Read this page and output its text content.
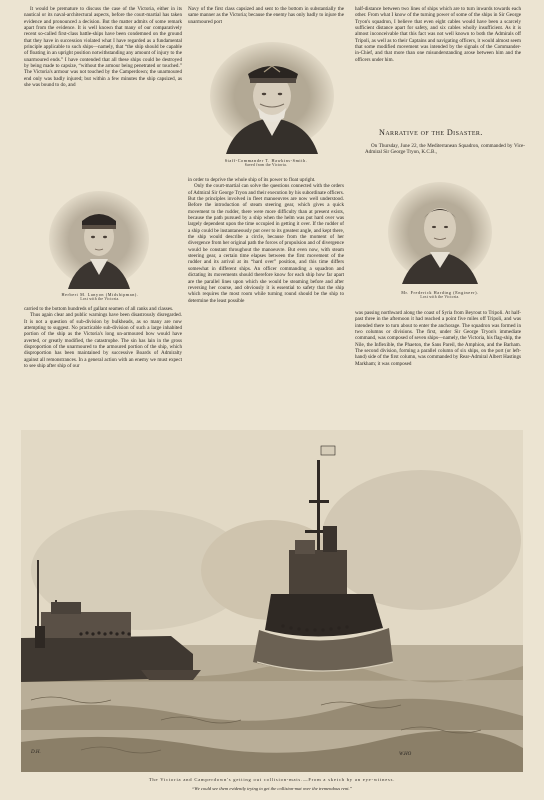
It would be premature to discuss the case of the Victoria, either in its nautical or its naval-architectural aspects, before the court-martial has taken evidence and pronounced a decision. But the matter admits of some remark apart from the evidence. It is well known that many of our comparatively recent so-called first-class battle-ships have been condemned on the ground that they have in succession violated what I have regarded as a fundamental principle applicable to such ships—namely, that “the ship should be capable of floating in an upright position notwithstanding any amount of injury to the unarmoured ends.” I have contended that all these ships could be destroyed by being made to capsize, “without the armour being penetrated or touched.” The Victoria's armour was not touched by the Camperdown; the unarmoured end only was badly injured; but within a few minutes the ship capsized, as she was bound to do, and

Herbert M. Lanyon (Midshipman).
Lost with the Victoria.

carried to the bottom hundreds of gallant seamen of all ranks and classes.

Thus again clear and public warnings have been disastrously disregarded. It is not a question of sub-division by bulkheads, as so many are now attempting to suggest. No practicable sub-division of such a large inhabited portion of the ship as the Victoria's long un-armoured bow would have averted, or greatly modified, the catastrophe. The sin has lain in the gross disproportion of the unarmoured to the armoured portion of the ship, which disproportion has been maintained by successive Boards of Admiralty against all remonstrances. In a general action with an enemy we must expect to see ship after ship of our

Navy of the first class capsized and sent to the bottom in substantially the same manner as the Victoria; because the enemy has only badly to injure the unarmoured port

Staff-Commander T. Hawkins-Smith.
Saved from the Victoria.

in order to deprive the whole ship of its power to float upright.

Only the court-martial can solve the questions connected with the orders of Admiral Sir George Tryon and their execution by his subordinate officers. But the principles involved in fleet manoeuvres are now well understood. Before the introduction of steam steering gear, which gives a quick movement to the rudder, there were more difficulty than at present exists, because the path pursued by a ship when the helm was put hard over was largely dependent upon the time occupied in getting it over. If the rudder of a ship could be instantaneously put over to its greatest angle, and kept there, the ship would describe a circle, because from the moment of her divergence from her original path the forces of propulsion and of divergence would be constant throughout the manoeuvre. But even now, with steam steering gear, a certain time elapses between the first movement of the rudder and its arrival at its “hard over” position, and this time differs somewhat in different ships. An officer commanding a squadron and dictating its movements should therefore know for each ship how far apart are the parallel lines upon which she would be steaming before and after reversing her course, and obviously it is essential to safety that the ship which requires the most room while turning round should be the ship to determine the least possible

half-distance between two lines of ships which are to turn inwards towards each other. From what I know of the turning power of some of the ships in Sir George Tryon's squadron, I believe that even eight cables would have been a scarcely sufficient distance apart for safety, and six cables wholly insufficient. As it is almost inconceivable that this fact was not well known to both the Admirals off Tripoli, as well as to their Captains and navigating officers, it would almost seem that some modified movement was intended by the signals of the Commander-in-Chief, and that more than one misunderstanding arose between him and the officers under him.

Narrative of the Disaster.

On Thursday, June 22, the Mediterranean Squadron, commanded by Vice-Admiral Sir George Tryon, K.C.B.,

Mr. Frederick Harding (Engineer).
Lost with the Victoria.

was passing northward along the coast of Syria from Beyrout to Tripoli. At half-past three in the afternoon it had reached a point five miles off Tripoli, and was intended there to turn about to enter the anchorage. The squadron was formed in two columns or divisions. The first, under Sir George Tryon's immediate command, was composed of seven ships—namely, the Victoria, his flag-ship, the Nile, the Inflexible, the Phaeton, the Sans Pareil, the Amphion, and the Barham. The second division, forming a parallel column of six ships, on the port (or left-hand) side of the first column, was commanded by Rear-Admiral Albert Hastings Markham; it was composed

D.H.	W.HO
The Victoria and Camperdown's getting out collision-mats.—From a sketch by an eye-witness.
“We could see them evidently trying to get the collision-mat over the tremendous rent.”
